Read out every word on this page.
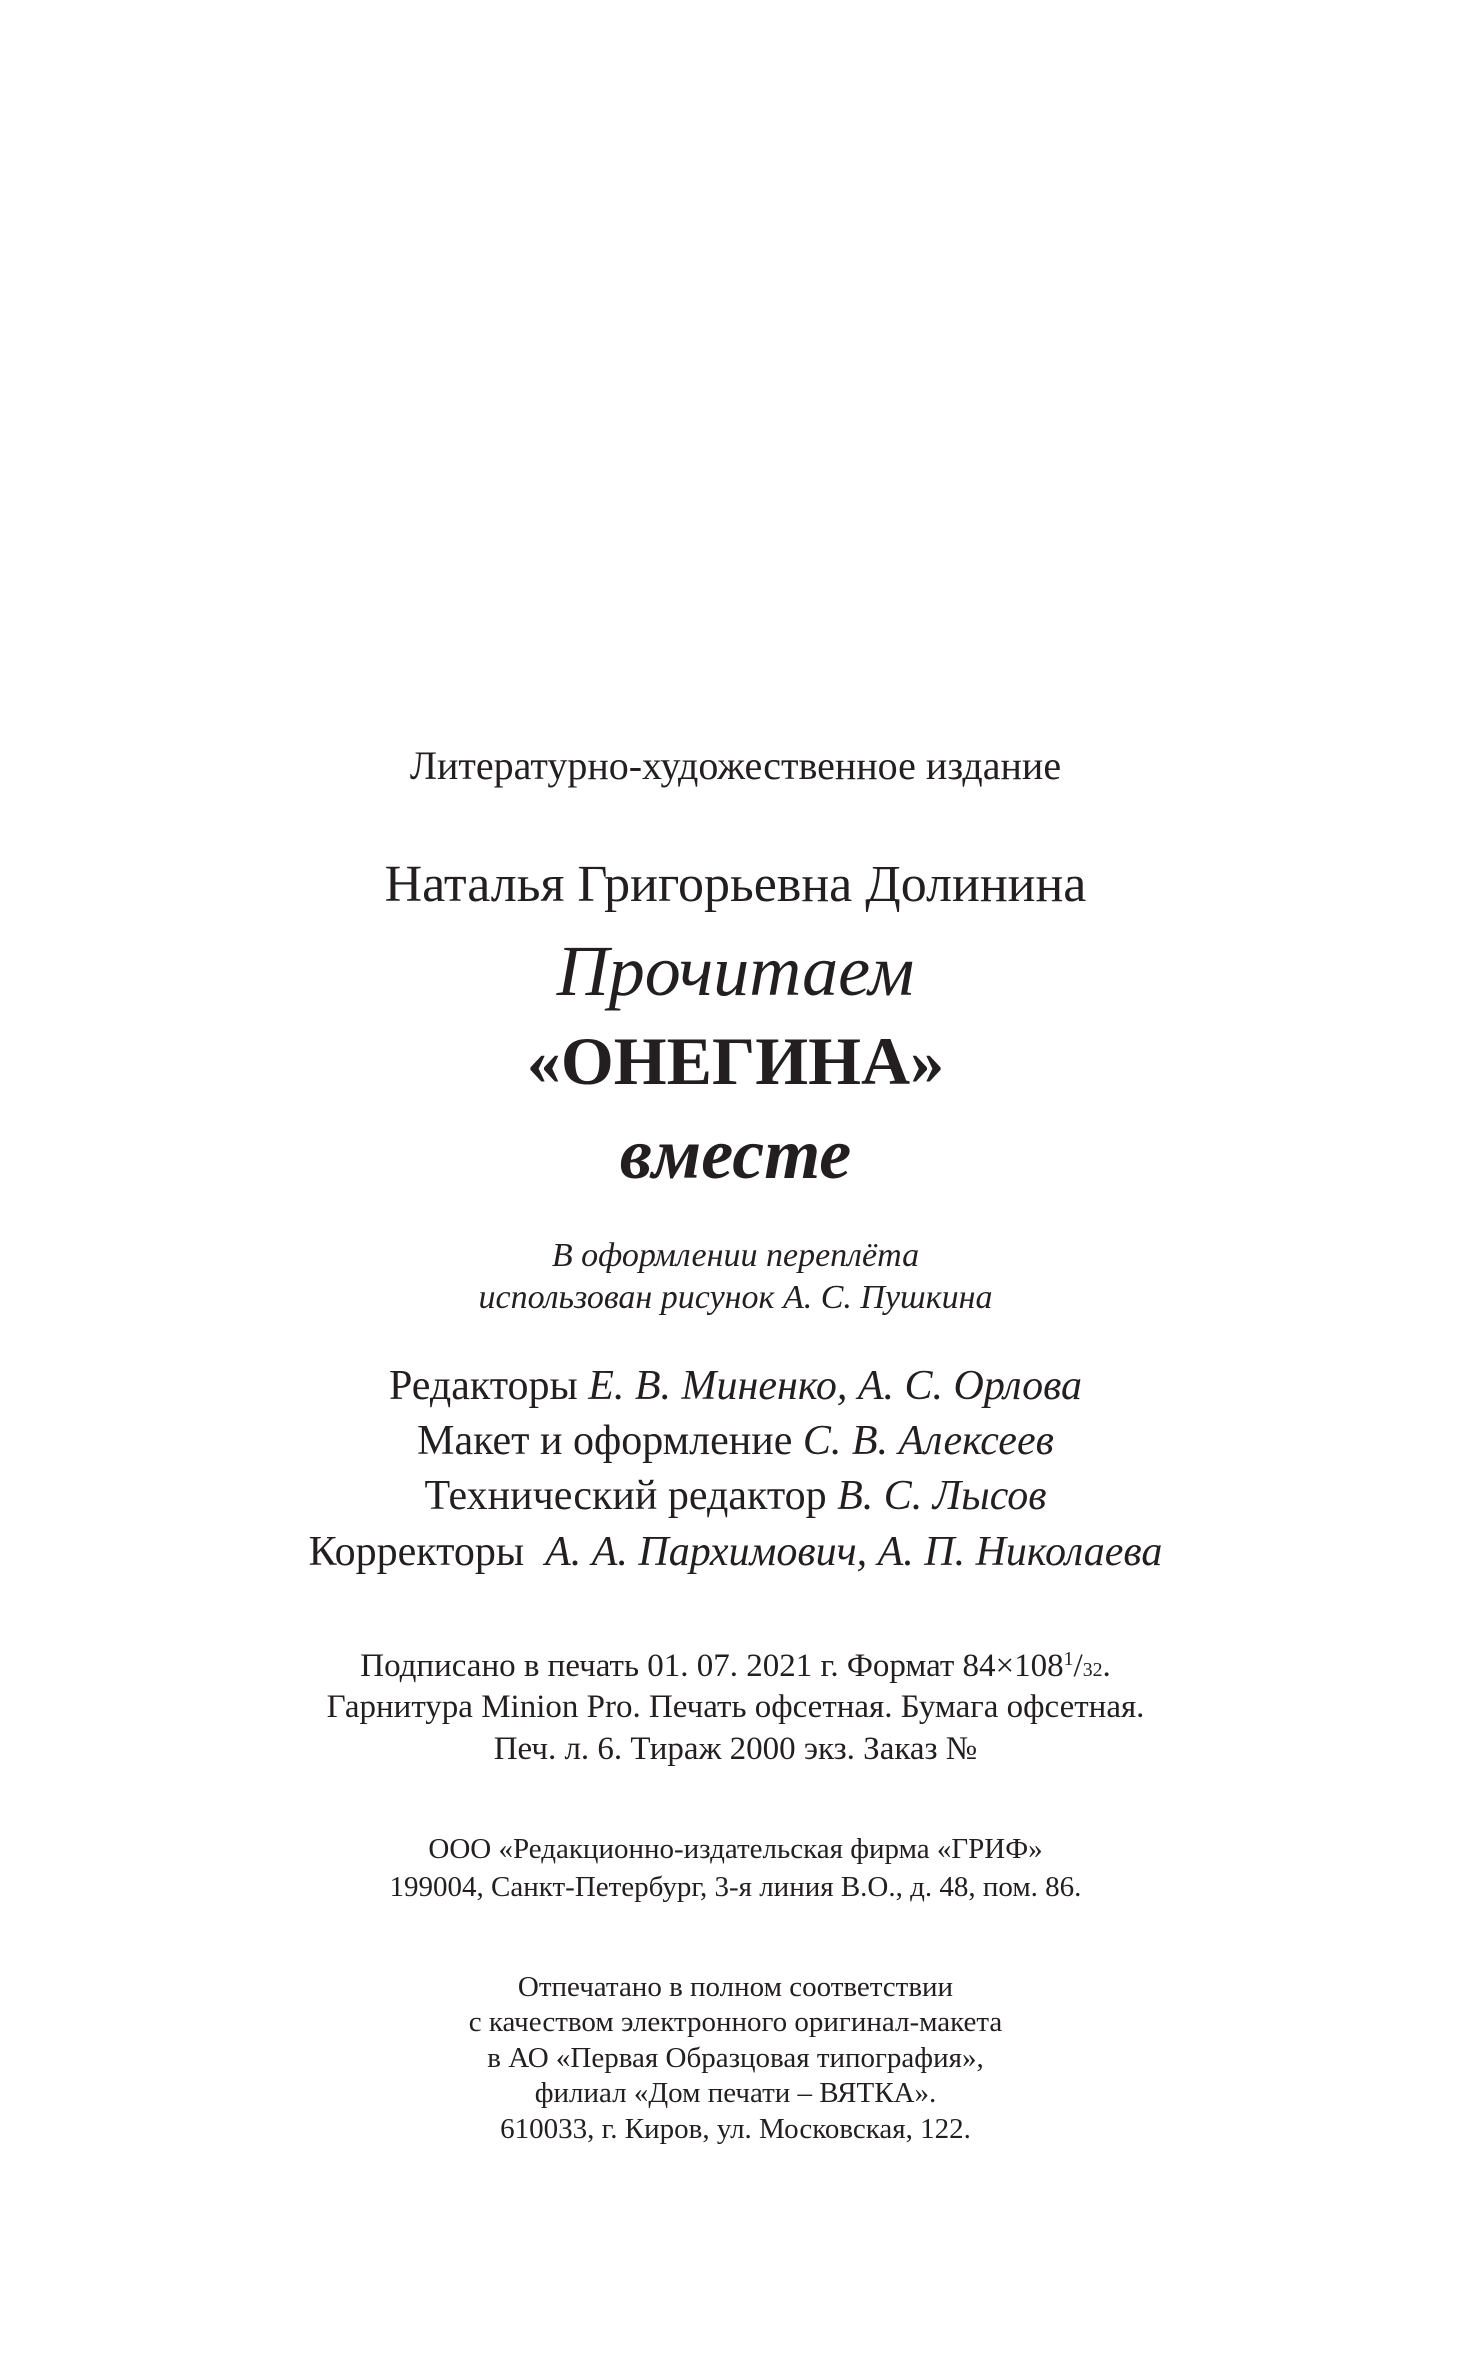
Литературно-художественное издание
Наталья Григорьевна Долинина
Прочитаем
«ОНЕГИНА»
вместе
В оформлении переплёта
использован рисунок А. С. Пушкина
Редакторы Е. В. Миненко, А. С. Орлова
Макет и оформление С. В. Алексеев
Технический редактор В. С. Лысов
Корректоры  А. А. Пархимович, А. П. Николаева
Подписано в печать 01. 07. 2021 г. Формат $84\times 108^1/32$.
Гарнитура Minion Pro. Печать офсетная. Бумага офсетная.
Печ. л. 6. Тираж 2000 экз. Заказ №
ООО «Редакционно-издательская фирма «ГРИФ»
199004, Санкт-Петербург, 3-я линия В.О., д. 48, пом. 86.
Отпечатано в полном соответствии
с качеством электронного оригинал-макета
в АО «Первая Образцовая типография»,
филиал «Дом печати – ВЯТКА».
610033, г. Киров, ул. Московская, 122.
